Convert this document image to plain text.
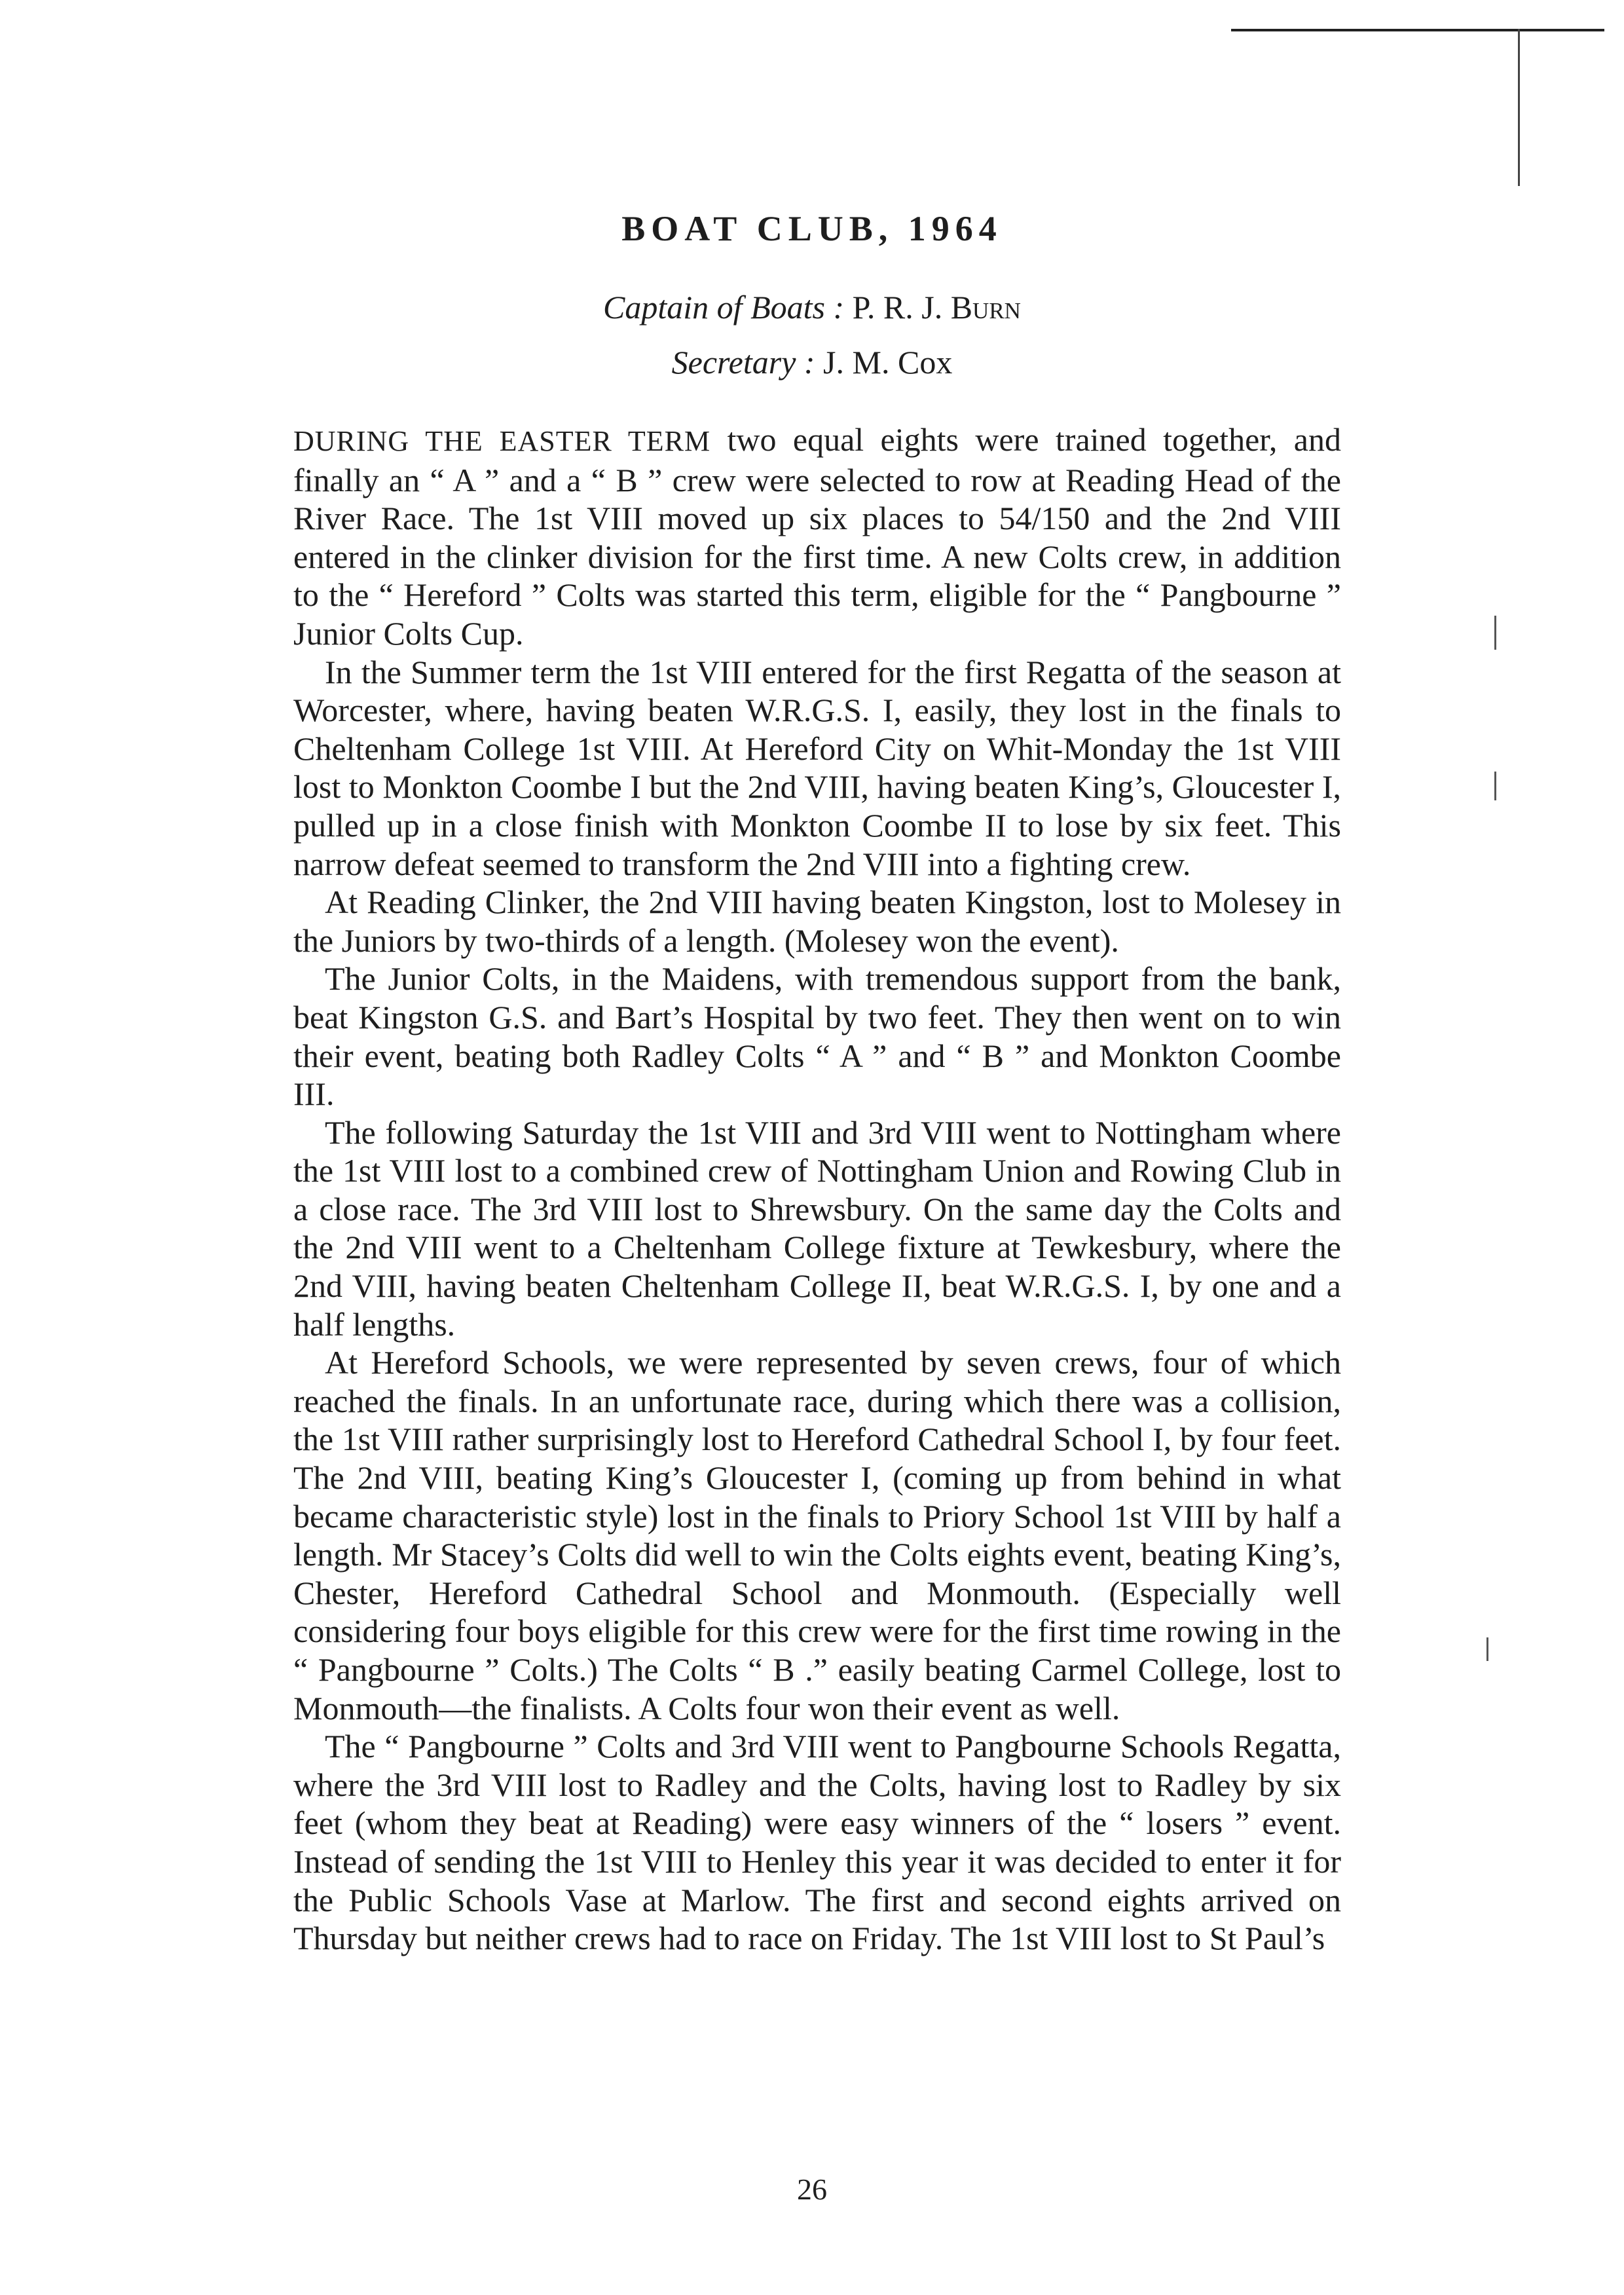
BOAT CLUB, 1964

Captain of Boats : P. R. J. Burn

Secretary : J. M. Cox

DURING THE EASTER TERM two equal eights were trained together, and finally an “ A ” and a “ B ” crew were selected to row at Reading Head of the River Race. The 1st VIII moved up six places to 54/150 and the 2nd VIII entered in the clinker division for the first time. A new Colts crew, in addition to the “ Hereford ” Colts was started this term, eligible for the “ Pangbourne ” Junior Colts Cup.

In the Summer term the 1st VIII entered for the first Regatta of the season at Worcester, where, having beaten W.R.G.S. I, easily, they lost in the finals to Cheltenham College 1st VIII. At Hereford City on Whit-Monday the 1st VIII lost to Monkton Coombe I but the 2nd VIII, having beaten King’s, Gloucester I, pulled up in a close finish with Monkton Coombe II to lose by six feet. This narrow defeat seemed to transform the 2nd VIII into a fighting crew.

At Reading Clinker, the 2nd VIII having beaten Kingston, lost to Molesey in the Juniors by two-thirds of a length. (Molesey won the event).

The Junior Colts, in the Maidens, with tremendous support from the bank, beat Kingston G.S. and Bart’s Hospital by two feet. They then went on to win their event, beating both Radley Colts “ A ” and “ B ” and Monkton Coombe III.

The following Saturday the 1st VIII and 3rd VIII went to Nottingham where the 1st VIII lost to a combined crew of Nottingham Union and Rowing Club in a close race. The 3rd VIII lost to Shrewsbury. On the same day the Colts and the 2nd VIII went to a Cheltenham College fixture at Tewkesbury, where the 2nd VIII, having beaten Cheltenham College II, beat W.R.G.S. I, by one and a half lengths.

At Hereford Schools, we were represented by seven crews, four of which reached the finals. In an unfortunate race, during which there was a collision, the 1st VIII rather surprisingly lost to Hereford Cathedral School I, by four feet. The 2nd VIII, beating King’s Gloucester I, (coming up from behind in what became characteristic style) lost in the finals to Priory School 1st VIII by half a length. Mr Stacey’s Colts did well to win the Colts eights event, beating King’s, Chester, Hereford Cathedral School and Monmouth. (Especially well considering four boys eligible for this crew were for the first time rowing in the “ Pangbourne ” Colts.) The Colts “ B .” easily beating Carmel College, lost to Monmouth—the finalists. A Colts four won their event as well.

The “ Pangbourne ” Colts and 3rd VIII went to Pangbourne Schools Regatta, where the 3rd VIII lost to Radley and the Colts, having lost to Radley by six feet (whom they beat at Reading) were easy winners of the “ losers ” event. Instead of sending the 1st VIII to Henley this year it was decided to enter it for the Public Schools Vase at Marlow. The first and second eights arrived on Thursday but neither crews had to race on Friday. The 1st VIII lost to St Paul’s

26
